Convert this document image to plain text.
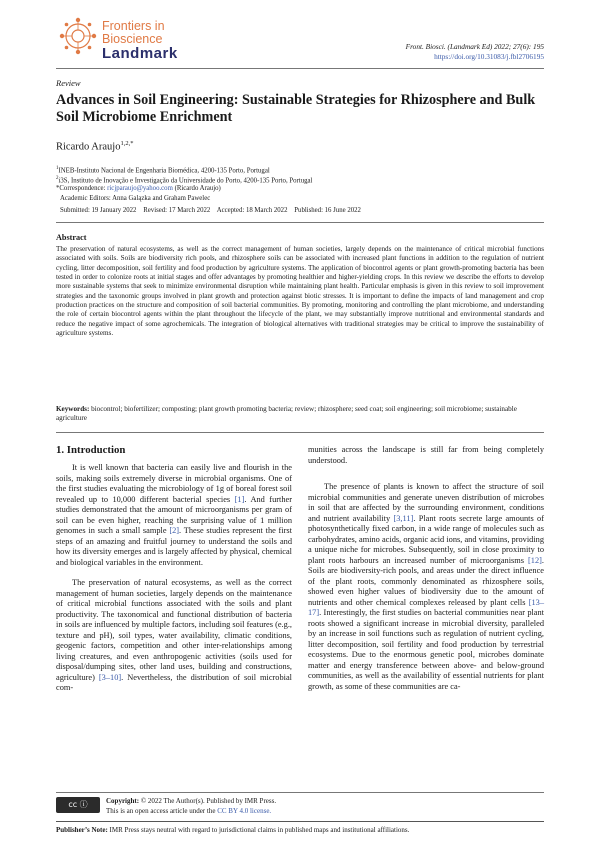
Frontiers in
Bioscience
Landmark	Front. Biosci. (Landmark Ed) 2022; 27(6): 195
https://doi.org/10.31083/j.fbl2706195
Review
Advances in Soil Engineering: Sustainable Strategies for Rhizosphere and Bulk Soil Microbiome Enrichment
Ricardo Araujo$^{1,2,*}$
$^1$INEB-Instituto Nacional de Engenharia Biomédica, 4200-135 Porto, Portugal
$^2$i3S, Instituto de Inovação e Investigação da Universidade do Porto, 4200-135 Porto, Portugal
*Correspondence: ricjparaujo@yahoo.com (Ricardo Araujo)
Academic Editors: Anna Galązka and Graham Pawelec
Submitted: 19 January 2022    Revised: 17 March 2022    Accepted: 18 March 2022    Published: 16 June 2022
Abstract
The preservation of natural ecosystems, as well as the correct management of human societies, largely depends on the maintenance of critical microbial functions associated with soils. Soils are biodiversity rich pools, and rhizosphere soils can be associated with increased plant functions in addition to the regulation of nutrient cycling, litter decomposition, soil fertility and food production by agriculture systems. The application of biocontrol agents or plant growth-promoting bacteria has been tested in order to colonize roots at initial stages and offer advantages by promoting healthier and higher-yielding crops. In this review we describe the efforts to develop more sustainable systems that seek to minimize environmental disruption while maintaining plant health. Particular emphasis is given in this review to soil improvement strategies and the taxonomic groups involved in plant growth and protection against biotic stresses. It is important to define the impacts of land management and crop production practices on the structure and composition of soil bacterial communities. By promoting, monitoring and controlling the plant microbiome, and understanding the role of certain biocontrol agents within the plant throughout the lifecycle of the plant, we may substantially improve nutritional and environmental standards and reduce the negative impact of some agrochemicals. The integration of biological alternatives with traditional strategies may be critical to improve the sustainability of agriculture systems.
Keywords: biocontrol; biofertilizer; composting; plant growth promoting bacteria; review; rhizosphere; seed coat; soil engineering; soil microbiome; sustainable agriculture
1. Introduction

It is well known that bacteria can easily live and flourish in the soils, making soils extremely diverse in microbial organisms. One of the first studies evaluating the microbiology of 1g of boreal forest soil revealed up to 10,000 different bacterial species [1]. And further studies demonstrated that the amount of microorganisms per gram of soil can be even higher, reaching the surprising value of 1 million genomes in such a small sample [2]. These studies represent the first steps of an amazing and fruitful journey to understand the soils and how its diversity emerges and is largely affected by physical, chemical and biological variables in the environment.

The preservation of natural ecosystems, as well as the correct management of human societies, largely depends on the maintenance of critical microbial functions associated with the soils and plant productivity. The taxonomical and functional distribution of bacteria in soils are influenced by multiple factors, including soil features (e.g., texture and pH), soil types, water availability, climatic conditions, geogenic factors, competition and other inter-relationships among living creatures, and even anthropogenic activities (soils used for disposal/dumping sites, other land uses, building and constructions, agriculture) [3–10]. Nevertheless, the distribution of soil microbial com-

munities across the landscape is still far from being completely understood.

The presence of plants is known to affect the structure of soil microbial communities and generate uneven distribution of microbes in soil that are affected by the surrounding environment, conditions and nutrient availability [3,11]. Plant roots secrete large amounts of photosynthetically fixed carbon, in a wide range of molecules such as carbohydrates, amino acids, organic acid ions, and vitamins, providing a unique niche for microbes. Subsequently, soil in close proximity to plant roots harbours an increased number of microorganisms [12]. Soils are biodiversity-rich pools, and areas under the direct influence of the plant roots, commonly denominated as rhizosphere soils, showed even higher values of biodiversity due to the amount of nutrients and other chemical complexes released by plant cells [13–17]. Interestingly, the first studies on bacterial communities near plant roots showed a significant increase in microbial diversity, paralleled by an increase in soil functions such as regulation of nutrient cycling, litter decomposition, soil fertility and food production by terrestrial ecosystems. Due to the enormous genetic pool, microbes dominate matter and energy transference between above- and below-ground communities, as well as the availability of essential nutrients for plant growth, as some of these communities are ca-

cc ⓘ	Copyright: © 2022 The Author(s). Published by IMR Press.
This is an open access article under the CC BY 4.0 license.
Publisher’s Note: IMR Press stays neutral with regard to jurisdictional claims in published maps and institutional affiliations.
